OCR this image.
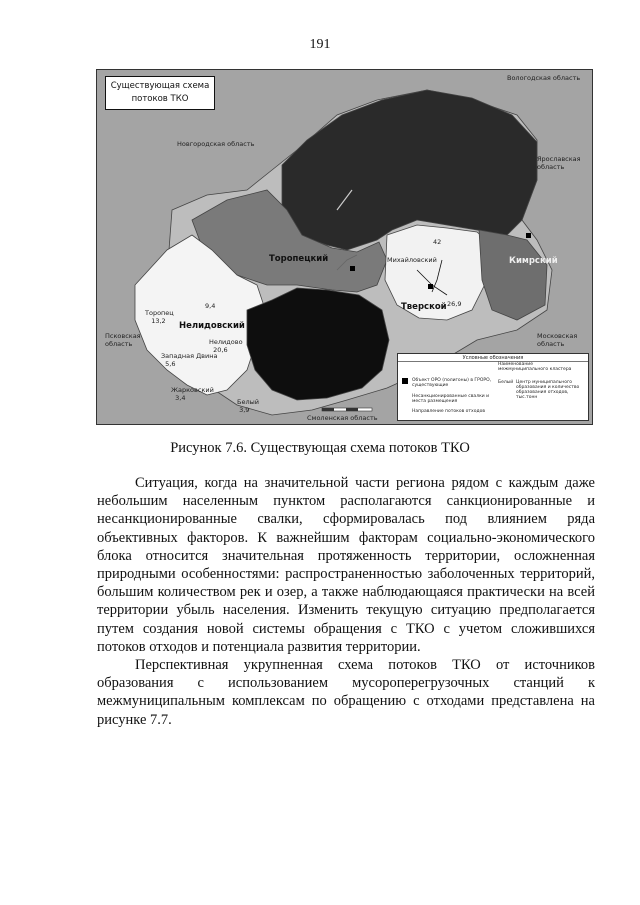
191
Существующая схема
потоков ТКО
Вологодская область
Новгородская область
Ярославская область
Торопецкий
Нелидовский
Тверской
Кимрский
Псковская область
Смоленская область
Московская область
Торопец
13,2
Нелидово
20,6
Западная Двина
5,6
9,4
Жарковский
3,4	Белый
3,9
26,9
42
Михайловский
Условные обозначения
Объект ОРО (полигоны) в ГРОРО, существующие
Несанкционированные свалки и места размещения
Наименование межмуниципального кластера
Белый Центр муниципального образования и количество образования отходов, тыс.тонн
Направление потоков отходов
Рисунок 7.6. Существующая схема потоков ТКО

Ситуация, когда на значительной части региона рядом с каждым даже небольшим населенным пунктом располагаются санкционированные и несанкционированные свалки, сформировалась под влиянием ряда объективных факторов. К важнейшим факторам социально-экономического блока относится значительная протяженность территории, осложненная природными особенностями: распространенностью заболоченных территорий, большим количеством рек и озер, а также наблюдающаяся практически на всей территории убыль населения. Изменить текущую ситуацию предполагается путем создания новой системы обращения с ТКО с учетом сложившихся потоков отходов и потенциала развития территории.

Перспективная укрупненная схема потоков ТКО от источников образования с использованием мусороперегрузочных станций к межмуниципальным комплексам по обращению с отходами представлена на рисунке 7.7.
